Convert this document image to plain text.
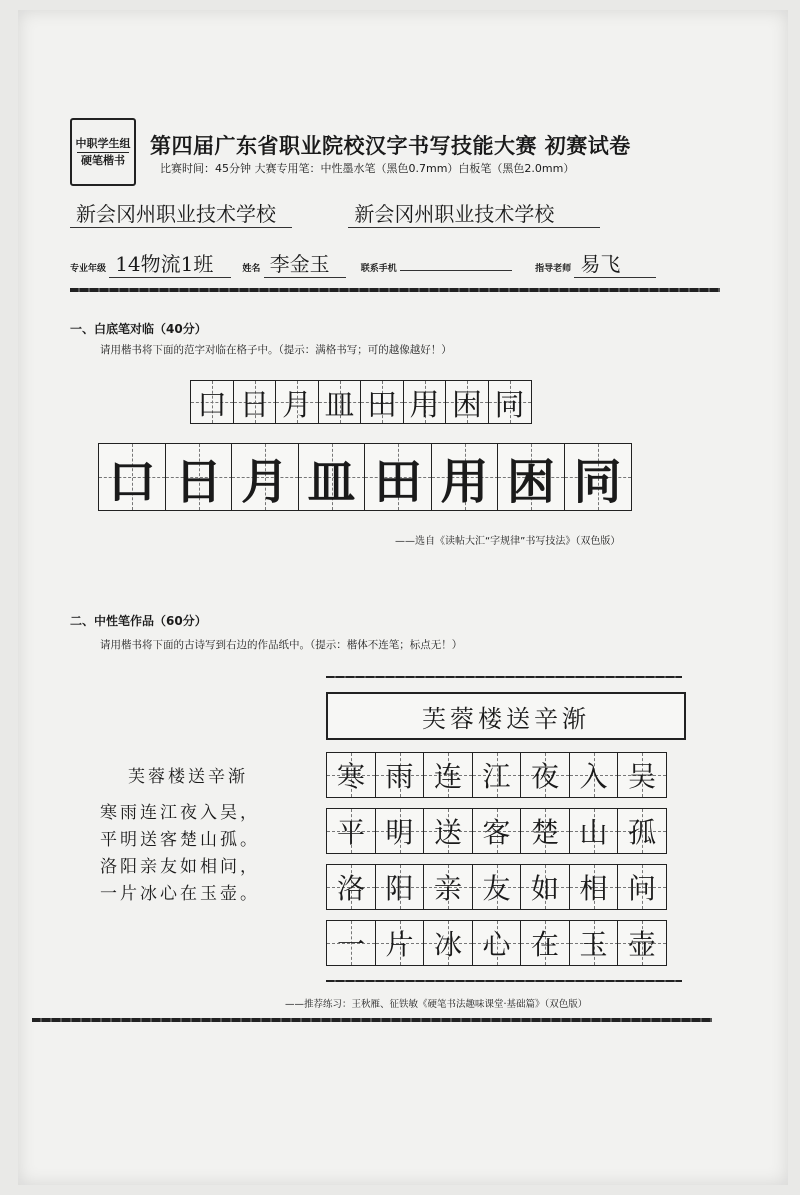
中职学生组
硬笔楷书
第四届广东省职业院校汉字书写技能大赛 初赛试卷
比赛时间：45分钟 大赛专用笔：中性墨水笔（黑色0.7mm）白板笔（黑色2.0mm）
新会冈州职业技术学校	新会冈州职业技术学校
专业年级 14物流1班	姓名 李金玉	联系手机	指导老师 易飞
一、白底笔对临（40分）
请用楷书将下面的范字对临在格子中。（提示：满格书写；可的越像越好！）
口 日 月 皿 田 用 困 同
口 日 月 皿 田 用 困 同
——选自《读帖大汇“字规律”书写技法》（双色版）
二、中性笔作品（60分）
请用楷书将下面的古诗写到右边的作品纸中。（提示：楷体不连笔；标点无！）
芙蓉楼送辛渐
寒 雨 连 江 夜 入 吴
平 明 送 客 楚 山 孤
洛 阳 亲 友 如 相 问
一 片 冰 心 在 玉 壶
芙蓉楼送辛渐
寒雨连江夜入吴，
平明送客楚山孤。
洛阳亲友如相问，
一片冰心在玉壶。
——推荐练习：王秋雁、征铁敏《硬笔书法趣味课堂·基础篇》（双色版）
